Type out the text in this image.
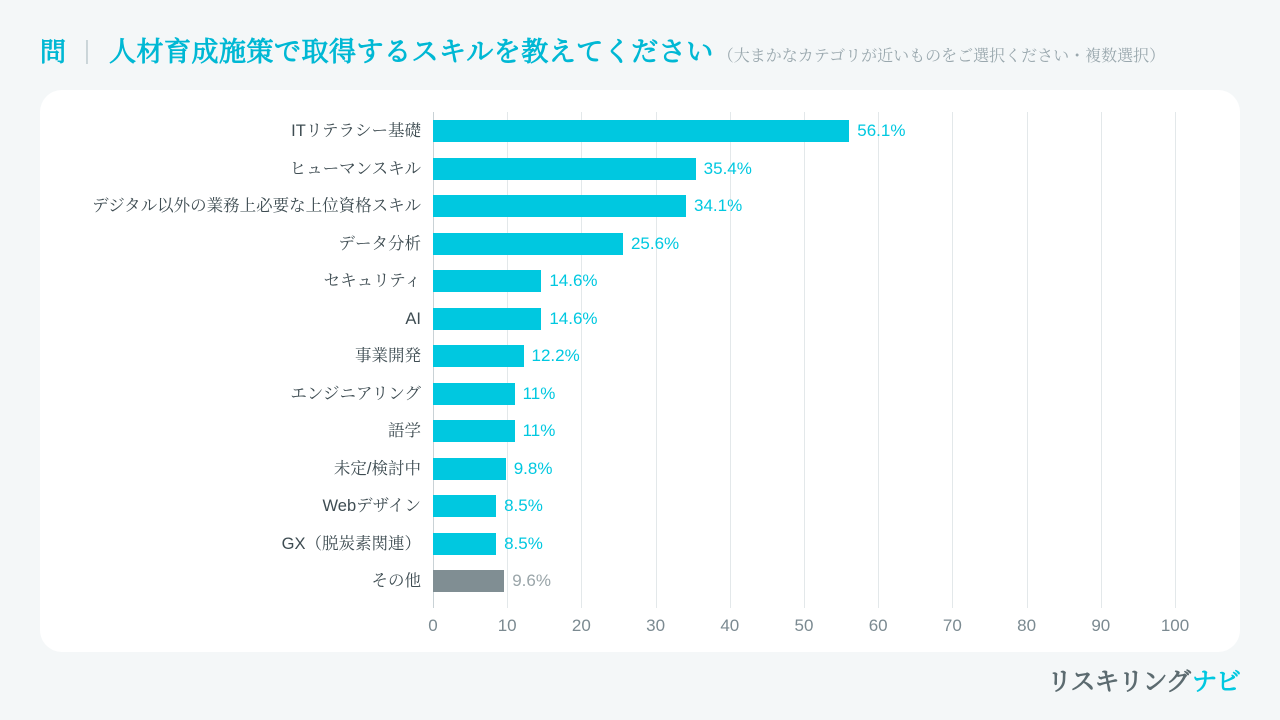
問 ｜ 人材育成施策で取得するスキルを教えてください （大まかなカテゴリが近いものをご選択ください・複数選択）
0	10	20	30	40	50	60	70	80	90	100
ITリテラシー基礎	56.1%
ヒューマンスキル	35.4%
デジタル以外の業務上必要な上位資格スキル	34.1%
データ分析	25.6%
セキュリティ	14.6%
AI	14.6%
事業開発	12.2%
エンジニアリング	11%
語学	11%
未定/検討中	9.8%
Webデザイン	8.5%
GX（脱炭素関連）	8.5%
その他	9.6%
リスキリング ナビ
